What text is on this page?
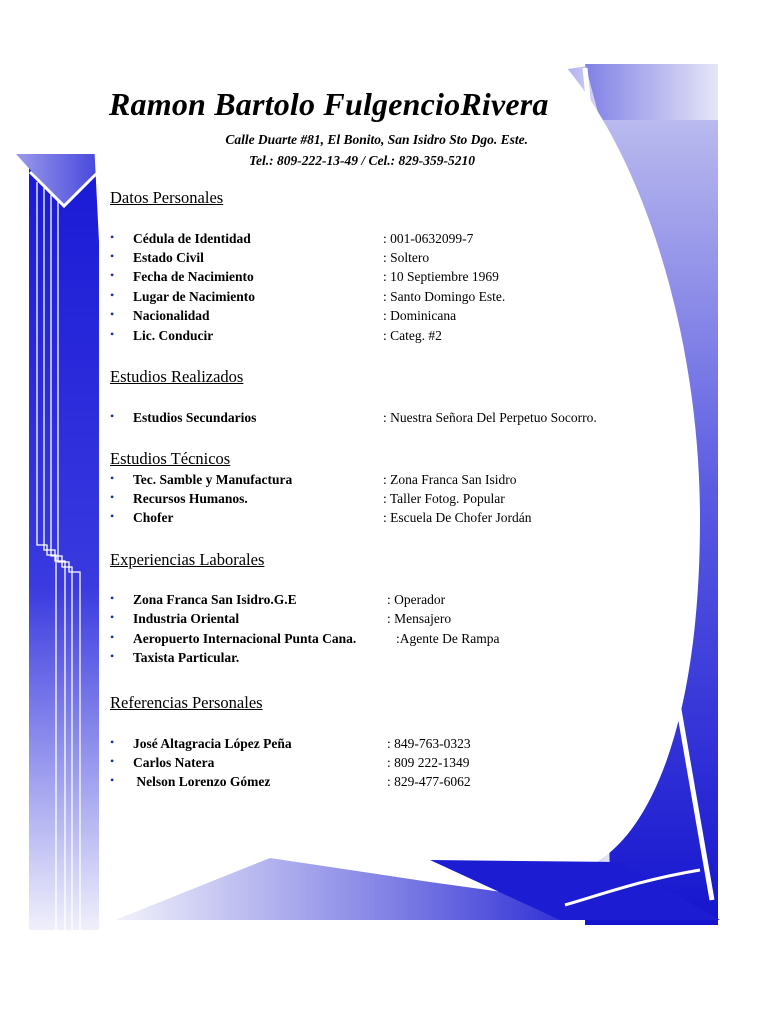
Ramon Bartolo FulgencioRivera
Calle Duarte #81, El Bonito, San Isidro Sto Dgo. Este.
Tel.: 809-222-13-49 / Cel.: 829-359-5210
Datos Personales
• Cédula de Identidad	: 001-0632099-7
• Estado Civil	: Soltero
• Fecha de Nacimiento	: 10 Septiembre 1969
• Lugar de Nacimiento	: Santo Domingo Este.
• Nacionalidad	: Dominicana
• Lic. Conducir	: Categ. #2
Estudios Realizados
• Estudios Secundarios	: Nuestra Señora Del Perpetuo Socorro.
Estudios Técnicos
• Tec. Samble y Manufactura	: Zona Franca San Isidro
• Recursos Humanos.	: Taller Fotog. Popular
• Chofer	: Escuela De Chofer Jordán
Experiencias Laborales
• Zona Franca San Isidro.G.E	: Operador
• Industria Oriental	: Mensajero
• Aeropuerto Internacional Punta Cana.	:Agente De Rampa
• Taxista Particular.
Referencias Personales
• José Altagracia López Peña	: 849-763-0323
• Carlos Natera	: 809 222-1349
• Nelson Lorenzo Gómez	: 829-477-6062
